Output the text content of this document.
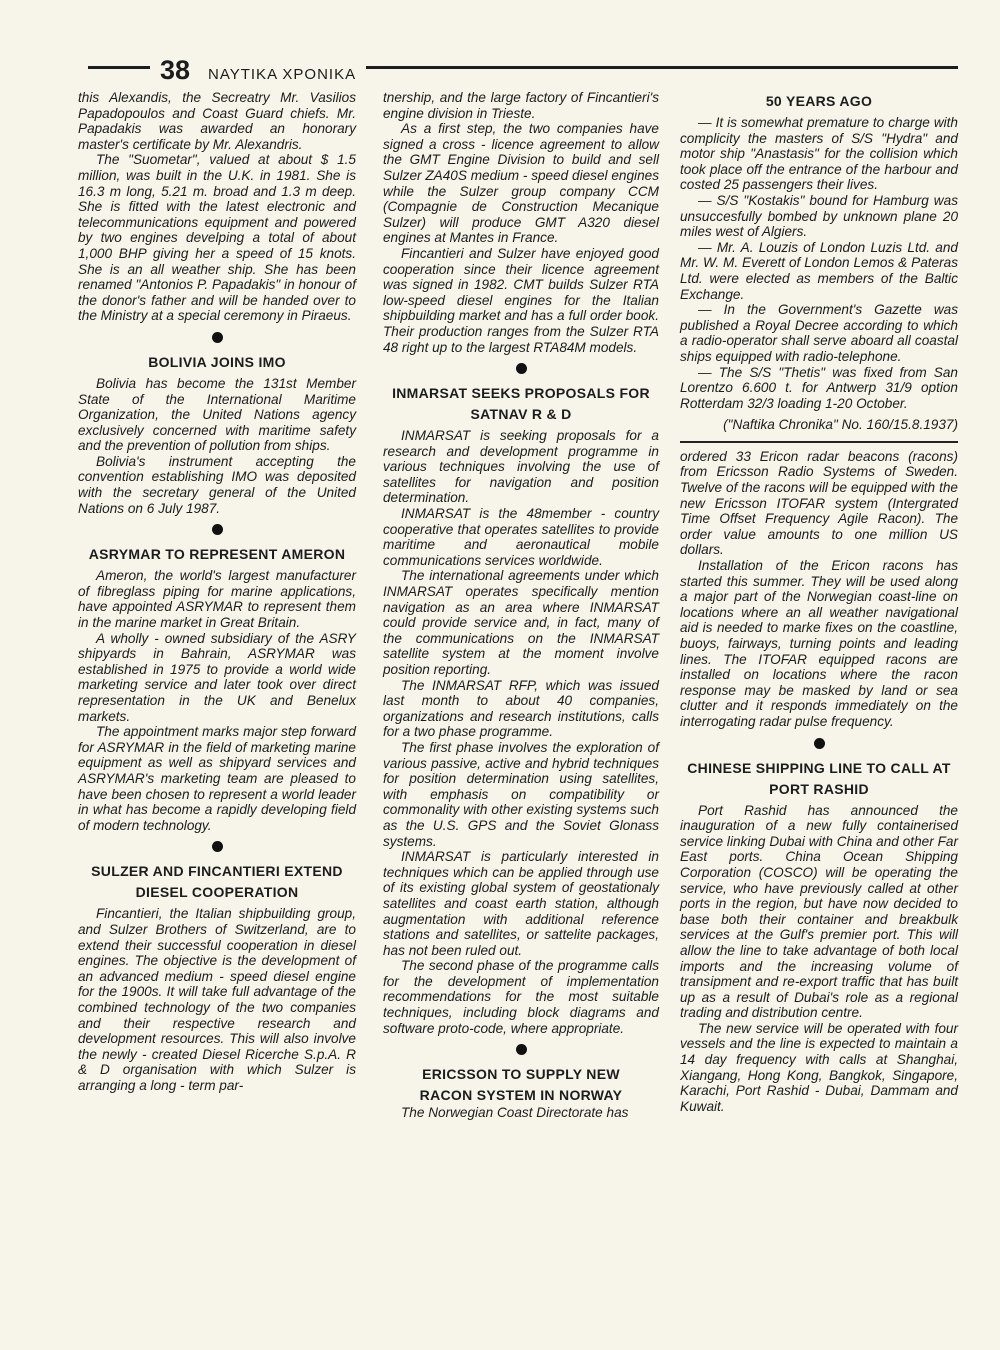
38 ΝΑΥΤΙΚΑ ΧΡΟΝΙΚΑ

this Alexandis, the Secreatry Mr. Vasilios Papadopoulos and Coast Guard chiefs. Mr. Papadakis was awarded an honorary master's certificate by Mr. Alexandris.

The "Suometar", valued at about $ 1.5 million, was built in the U.K. in 1981. She is 16.3 m long, 5.21 m. broad and 1.3 m deep. She is fitted with the latest electronic and telecommunications equipment and powered by two engines develping a total of about 1,000 BHP giving her a speed of 15 knots. She is an all weather ship. She has been renamed "Antonios P. Papadakis" in honour of the donor's father and will be handed over to the Ministry at a special ceremony in Piraeus.

BOLIVIA JOINS IMO

Bolivia has become the 131st Member State of the International Maritime Organization, the United Nations agency exclusively concerned with maritime safety and the prevention of pollution from ships.

Bolivia's instrument accepting the convention establishing IMO was deposited with the secretary general of the United Nations on 6 July 1987.

ASRYMAR TO REPRESENT AMERON

Ameron, the world's largest manufacturer of fibreglass piping for marine applications, have appointed ASRYMAR to represent them in the marine market in Great Britain.

A wholly - owned subsidiary of the ASRY shipyards in Bahrain, ASRYMAR was established in 1975 to provide a world wide marketing service and later took over direct representation in the UK and Benelux markets.

The appointment marks major step forward for ASRYMAR in the field of marketing marine equipment as well as shipyard services and ASRYMAR's marketing team are pleased to have been chosen to represent a world leader in what has become a rapidly developing field of modern technology.

SULZER AND FINCANTIERI EXTEND
DIESEL COOPERATION

Fincantieri, the Italian shipbuilding group, and Sulzer Brothers of Switzerland, are to extend their successful cooperation in diesel engines. The objective is the development of an advanced medium - speed diesel engine for the 1900s. It will take full advantage of the combined technology of the two companies and their respective research and development resources. This will also involve the newly - created Diesel Ricerche S.p.A. R & D organisation with which Sulzer is arranging a long - term par-

tnership, and the large factory of Fincantieri's engine division in Trieste.

As a first step, the two companies have signed a cross - licence agreement to allow the GMT Engine Division to build and sell Sulzer ZA40S medium - speed diesel engines while the Sulzer group company CCM (Compagnie de Construction Mecanique Sulzer) will produce GMT A320 diesel engines at Mantes in France.

Fincantieri and Sulzer have enjoyed good cooperation since their licence agreement was signed in 1982. CMT builds Sulzer RTA low-speed diesel engines for the Italian shipbuilding market and has a full order book. Their production ranges from the Sulzer RTA 48 right up to the largest RTA84M models.

INMARSAT SEEKS PROPOSALS FOR
SATNAV R & D

INMARSAT is seeking proposals for a research and development programme in various techniques involving the use of satellites for navigation and position determination.

INMARSAT is the 48member - country cooperative that operates satellites to provide maritime and aeronautical mobile communications services worldwide.

The international agreements under which INMARSAT operates specifically mention navigation as an area where INMARSAT could provide service and, in fact, many of the communications on the INMARSAT satellite system at the moment involve position reporting.

The INMARSAT RFP, which was issued last month to about 40 companies, organizations and research institutions, calls for a two phase programme.

The first phase involves the exploration of various passive, active and hybrid techniques for position determination using satellites, with emphasis on compatibility or commonality with other existing systems such as the U.S. GPS and the Soviet Glonass systems.

INMARSAT is particularly interested in techniques which can be applied through use of its existing global system of geostationaly satellites and coast earth station, although augmentation with additional reference stations and satellites, or sattelite packages, has not been ruled out.

The second phase of the programme calls for the development of implementation recommendations for the most suitable techniques, including block diagrams and software proto-code, where appropriate.

ERICSSON TO SUPPLY NEW
RACON SYSTEM IN NORWAY

The Norwegian Coast Directorate has

50 YEARS AGO

— It is somewhat premature to charge with complicity the masters of S/S "Hydra" and motor ship "Anastasis" for the collision which took place off the entrance of the harbour and costed 25 passengers their lives.

— S/S "Kostakis" bound for Hamburg was unsuccesfully bombed by unknown plane 20 miles west of Algiers.

— Mr. A. Louzis of London Luzis Ltd. and Mr. W. M. Everett of London Lemos & Pateras Ltd. were elected as members of the Baltic Exchange.

— In the Government's Gazette was published a Royal Decree according to which a radio-operator shall serve aboard all coastal ships equipped with radio-telephone.

— The S/S "Thetis" was fixed from San Lorentzo 6.600 t. for Antwerp 31/9 option Rotterdam 32/3 loading 1-20 October.

("Naftika Chronika" No. 160/15.8.1937)

ordered 33 Ericon radar beacons (racons) from Ericsson Radio Systems of Sweden. Twelve of the racons will be equipped with the new Ericsson ITOFAR system (Intergrated Time Offset Frequency Agile Racon). The order value amounts to one million US dollars.

Installation of the Ericon racons has started this summer. They will be used along a major part of the Norwegian coast-line on locations where an all weather navigational aid is needed to marke fixes on the coastline, buoys, fairways, turning points and leading lines. The ITOFAR equipped racons are installed on locations where the racon response may be masked by land or sea clutter and it responds immediately on the interrogating radar pulse frequency.

CHINESE SHIPPING LINE TO CALL AT
PORT RASHID

Port Rashid has announced the inauguration of a new fully containerised service linking Dubai with China and other Far East ports. China Ocean Shipping Corporation (COSCO) will be operating the service, who have previously called at other ports in the region, but have now decided to base both their container and breakbulk services at the Gulf's premier port. This will allow the line to take advantage of both local imports and the increasing volume of transipment and re-export traffic that has built up as a result of Dubai's role as a regional trading and distribution centre.

The new service will be operated with four vessels and the line is expected to maintain a 14 day frequency with calls at Shanghai, Xiangang, Hong Kong, Bangkok, Singapore, Karachi, Port Rashid - Dubai, Dammam and Kuwait.
